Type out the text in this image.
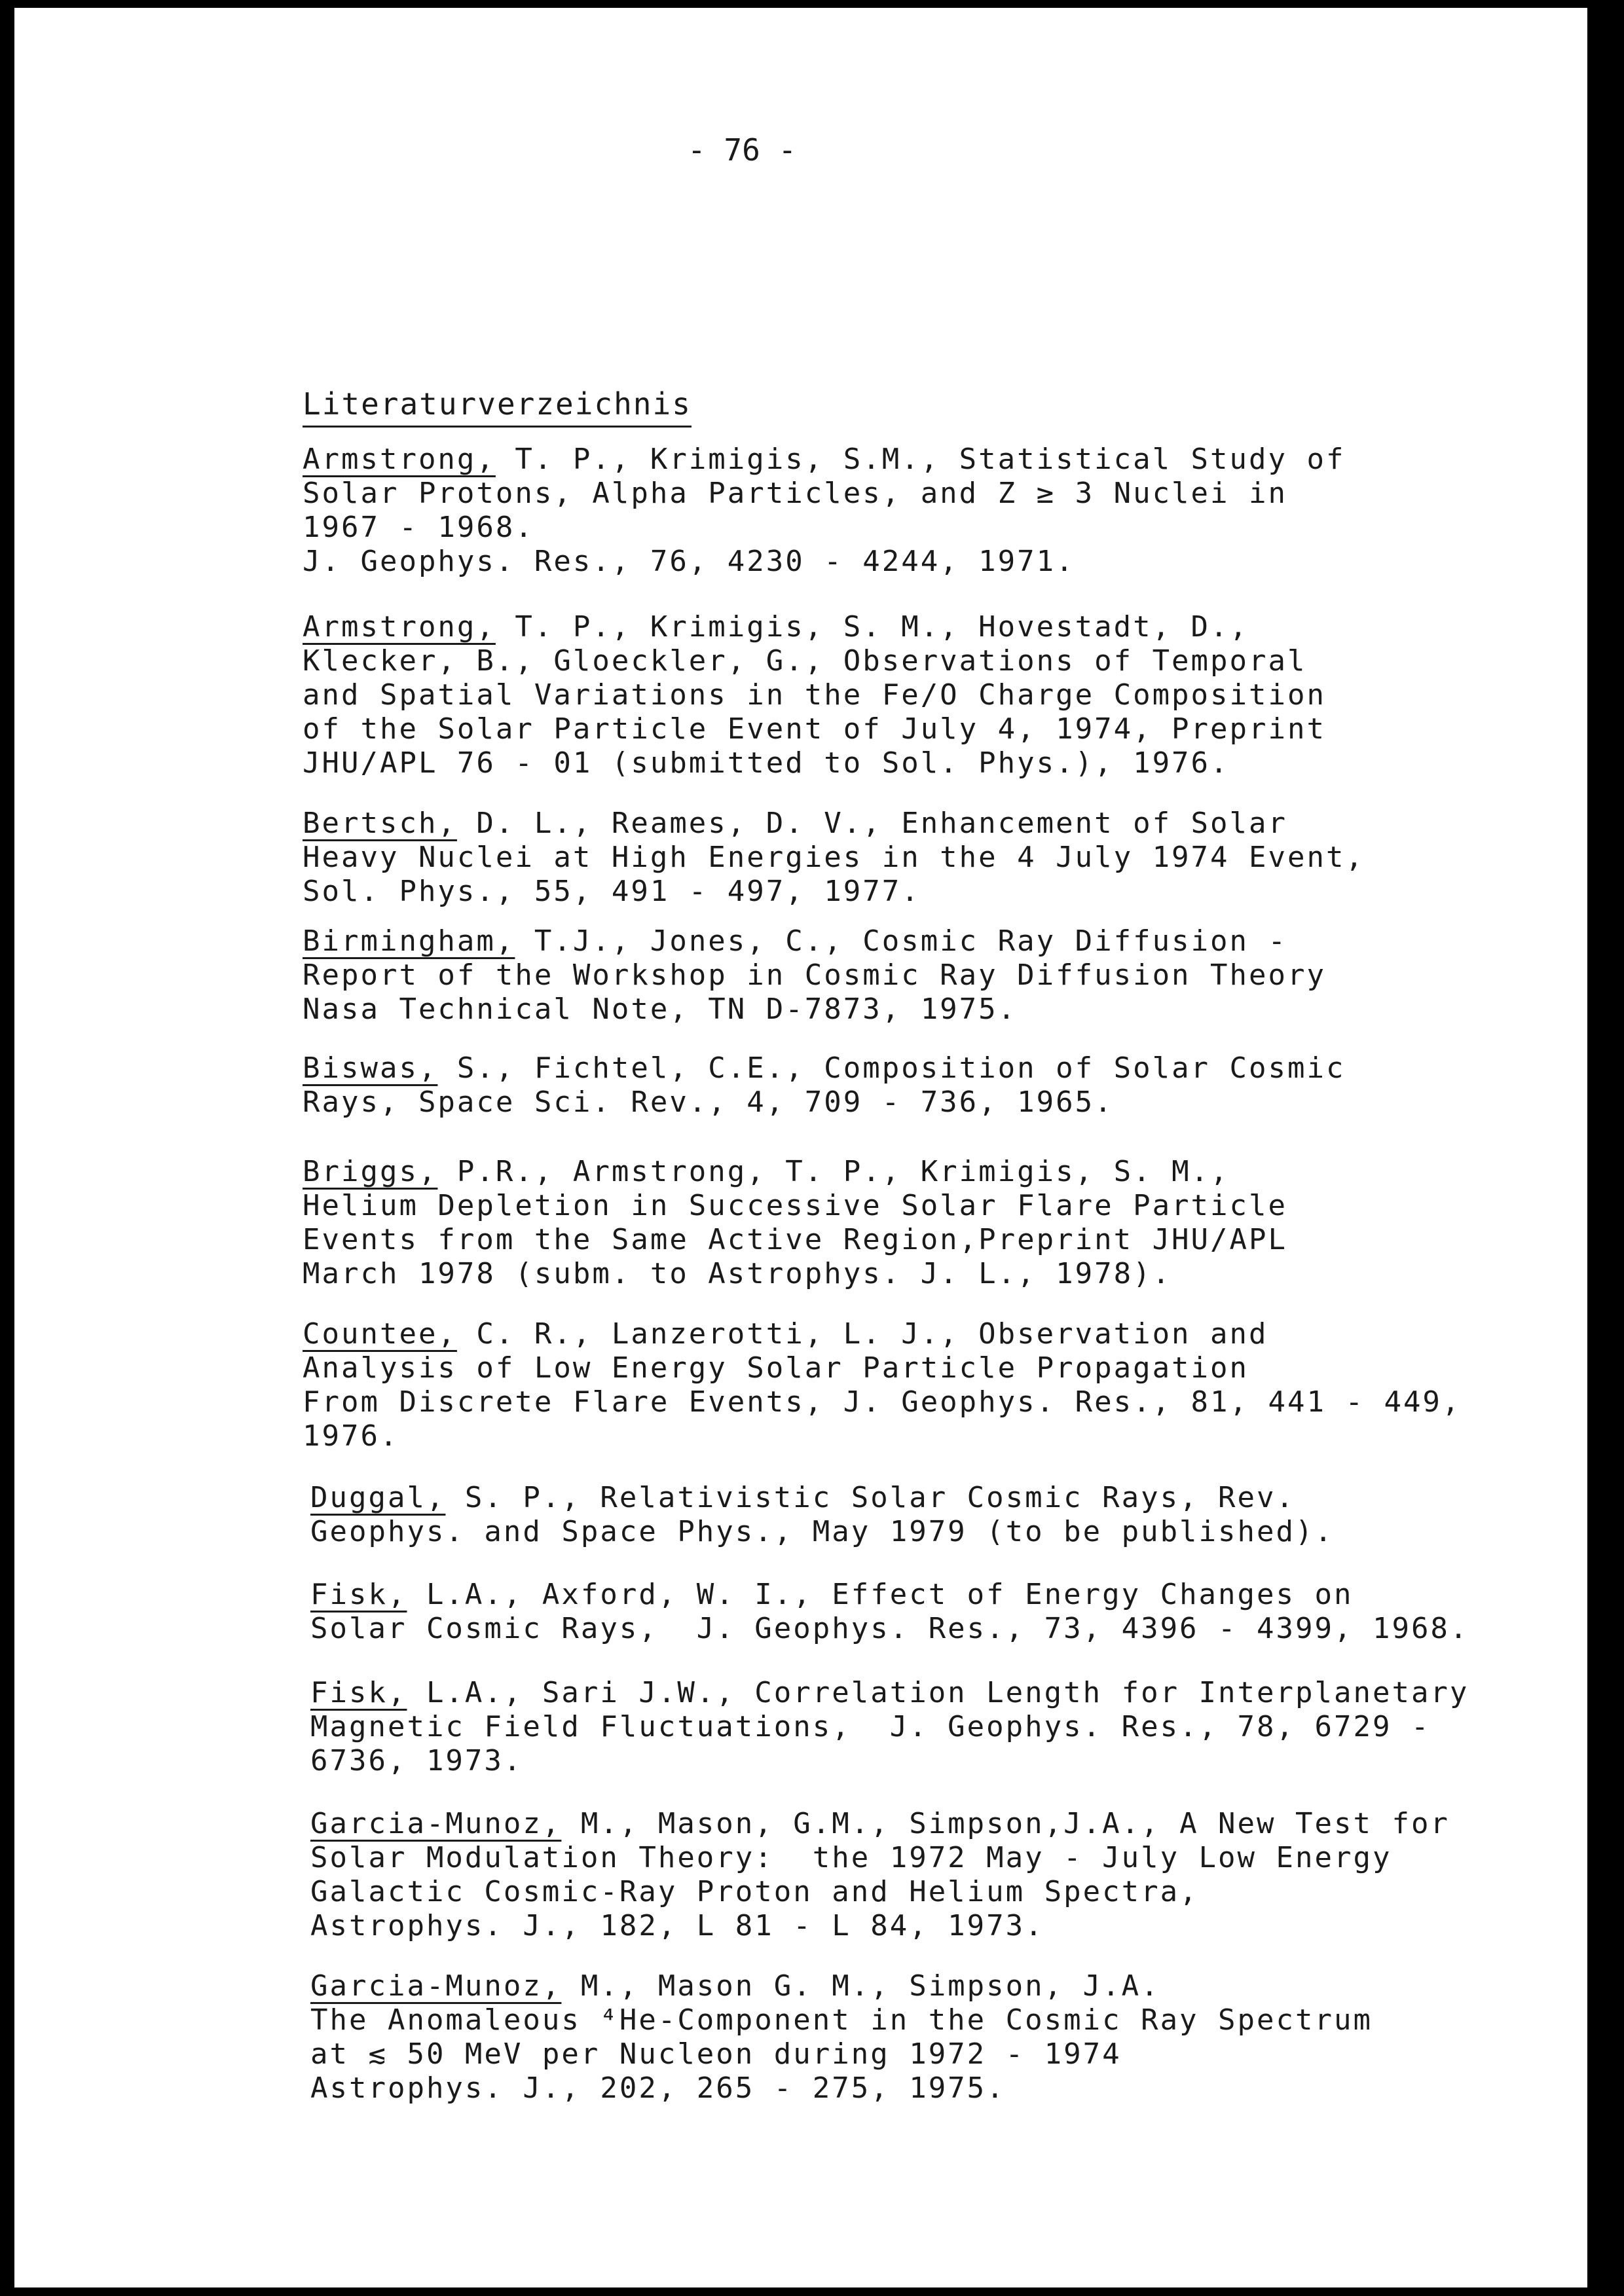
- 76 -
Literaturverzeichnis
Armstrong, T. P., Krimigis, S.M., Statistical Study of
Solar Protons, Alpha Particles, and Z ≥ 3 Nuclei in
1967 - 1968.
J. Geophys. Res., 76, 4230 - 4244, 1971.
Armstrong, T. P., Krimigis, S. M., Hovestadt, D.,
Klecker, B., Gloeckler, G., Observations of Temporal
and Spatial Variations in the Fe/O Charge Composition
of the Solar Particle Event of July 4, 1974, Preprint
JHU/APL 76 - 01 (submitted to Sol. Phys.), 1976.
Bertsch, D. L., Reames, D. V., Enhancement of Solar
Heavy Nuclei at High Energies in the 4 July 1974 Event,
Sol. Phys., 55, 491 - 497, 1977.
Birmingham, T.J., Jones, C., Cosmic Ray Diffusion -
Report of the Workshop in Cosmic Ray Diffusion Theory
Nasa Technical Note, TN D-7873, 1975.
Biswas, S., Fichtel, C.E., Composition of Solar Cosmic
Rays, Space Sci. Rev., 4, 709 - 736, 1965.
Briggs, P.R., Armstrong, T. P., Krimigis, S. M.,
Helium Depletion in Successive Solar Flare Particle
Events from the Same Active Region,Preprint JHU/APL
March 1978 (subm. to Astrophys. J. L., 1978).
Countee, C. R., Lanzerotti, L. J., Observation and
Analysis of Low Energy Solar Particle Propagation
From Discrete Flare Events, J. Geophys. Res., 81, 441 - 449,
1976.
Duggal, S. P., Relativistic Solar Cosmic Rays, Rev.
Geophys. and Space Phys., May 1979 (to be published).
Fisk, L.A., Axford, W. I., Effect of Energy Changes on
Solar Cosmic Rays,  J. Geophys. Res., 73, 4396 - 4399, 1968.
Fisk, L.A., Sari J.W., Correlation Length for Interplanetary
Magnetic Field Fluctuations,  J. Geophys. Res., 78, 6729 -
6736, 1973.
Garcia-Munoz, M., Mason, G.M., Simpson,J.A., A New Test for
Solar Modulation Theory:  the 1972 May - July Low Energy
Galactic Cosmic-Ray Proton and Helium Spectra,
Astrophys. J., 182, L 81 - L 84, 1973.
Garcia-Munoz, M., Mason G. M., Simpson, J.A.
The Anomaleous ⁴He-Component in the Cosmic Ray Spectrum
at ≲ 50 MeV per Nucleon during 1972 - 1974
Astrophys. J., 202, 265 - 275, 1975.
